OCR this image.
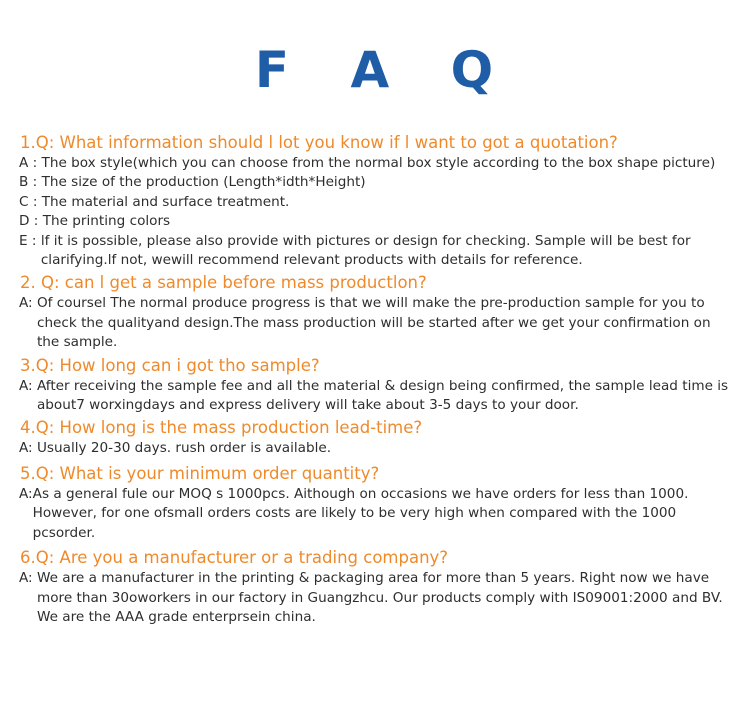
F A Q
1.Q: What information should l lot you know if l want to got a quotation?
A : The box style(which you can choose from the normal box style according to the box shape picture)
B : The size of the production (Length*idth*Height)
C : The material and surface treatment.
D : The printing colors
E : lf it is possible, please also provide with pictures or design for checking. Sample will be best for clarifying.lf not, wewill recommend relevant products with details for reference.
2. Q: can l get a sample before mass productlon?
A: Of coursel The normal produce progress is that we will make the pre-production sample for you to check the qualityand design.The mass production will be started after we get your confirmation on the sample.
3.Q: How long can i got tho sample?
A: After receiving the sample fee and all the material & design being confirmed, the sample lead time is about7 worxingdays and express delivery will take about 3-5 days to your door.
4.Q: How long is the mass production lead-time?
A: Usually 20-30 days. rush order is available.
5.Q: What is your minimum order quantity?
A: As a general fule our MOQ s 1000pcs. Aithough on occasions we have orders for less than 1000. However, for one ofsmall orders costs are likely to be very high when compared with the 1000 pcsorder.
6.Q: Are you a manufacturer or a trading company?
A: We are a manufacturer in the printing & packaging area for more than 5 years. Right now we have more than 30oworkers in our factory in Guangzhcu. Our products comply with IS09001:2000 and BV. We are the AAA grade enterprsein china.
